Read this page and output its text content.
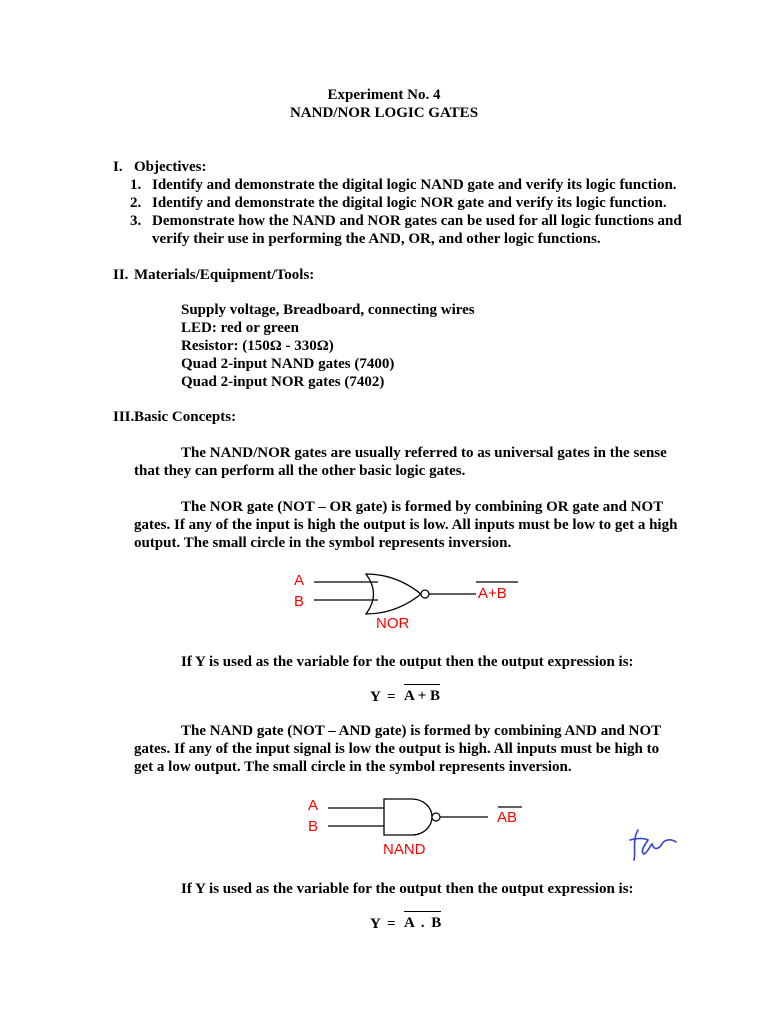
Experiment No. 4
NAND/NOR LOGIC GATES
I. Objectives:
1. Identify and demonstrate the digital logic NAND gate and verify its logic function.
2. Identify and demonstrate the digital logic NOR gate and verify its logic function.
3. Demonstrate how the NAND and NOR gates can be used for all logic functions and
verify their use in performing the AND, OR, and other logic functions.
II. Materials/Equipment/Tools:
Supply voltage, Breadboard, connecting wires
LED: red or green
Resistor: (150Ω - 330Ω)
Quad 2-input NAND gates (7400)
Quad 2-input NOR gates (7402)
III. Basic Concepts:
The NAND/NOR gates are usually referred to as universal gates in the sense
that they can perform all the other basic logic gates.
The NOR gate (NOT – OR gate) is formed by combining OR gate and NOT
gates. If any of the input is high the output is low. All inputs must be low to get a high
output. The small circle in the symbol represents inversion.
A
B	A+B
NOR
If Y is used as the variable for the output then the output expression is:
Y = A + B
The NAND gate (NOT – AND gate) is formed by combining AND and NOT
gates. If any of the input signal is low the output is high. All inputs must be high to
get a low output. The small circle in the symbol represents inversion.
A
B
AB
NAND
If Y is used as the variable for the output then the output expression is:
Y = A . B
